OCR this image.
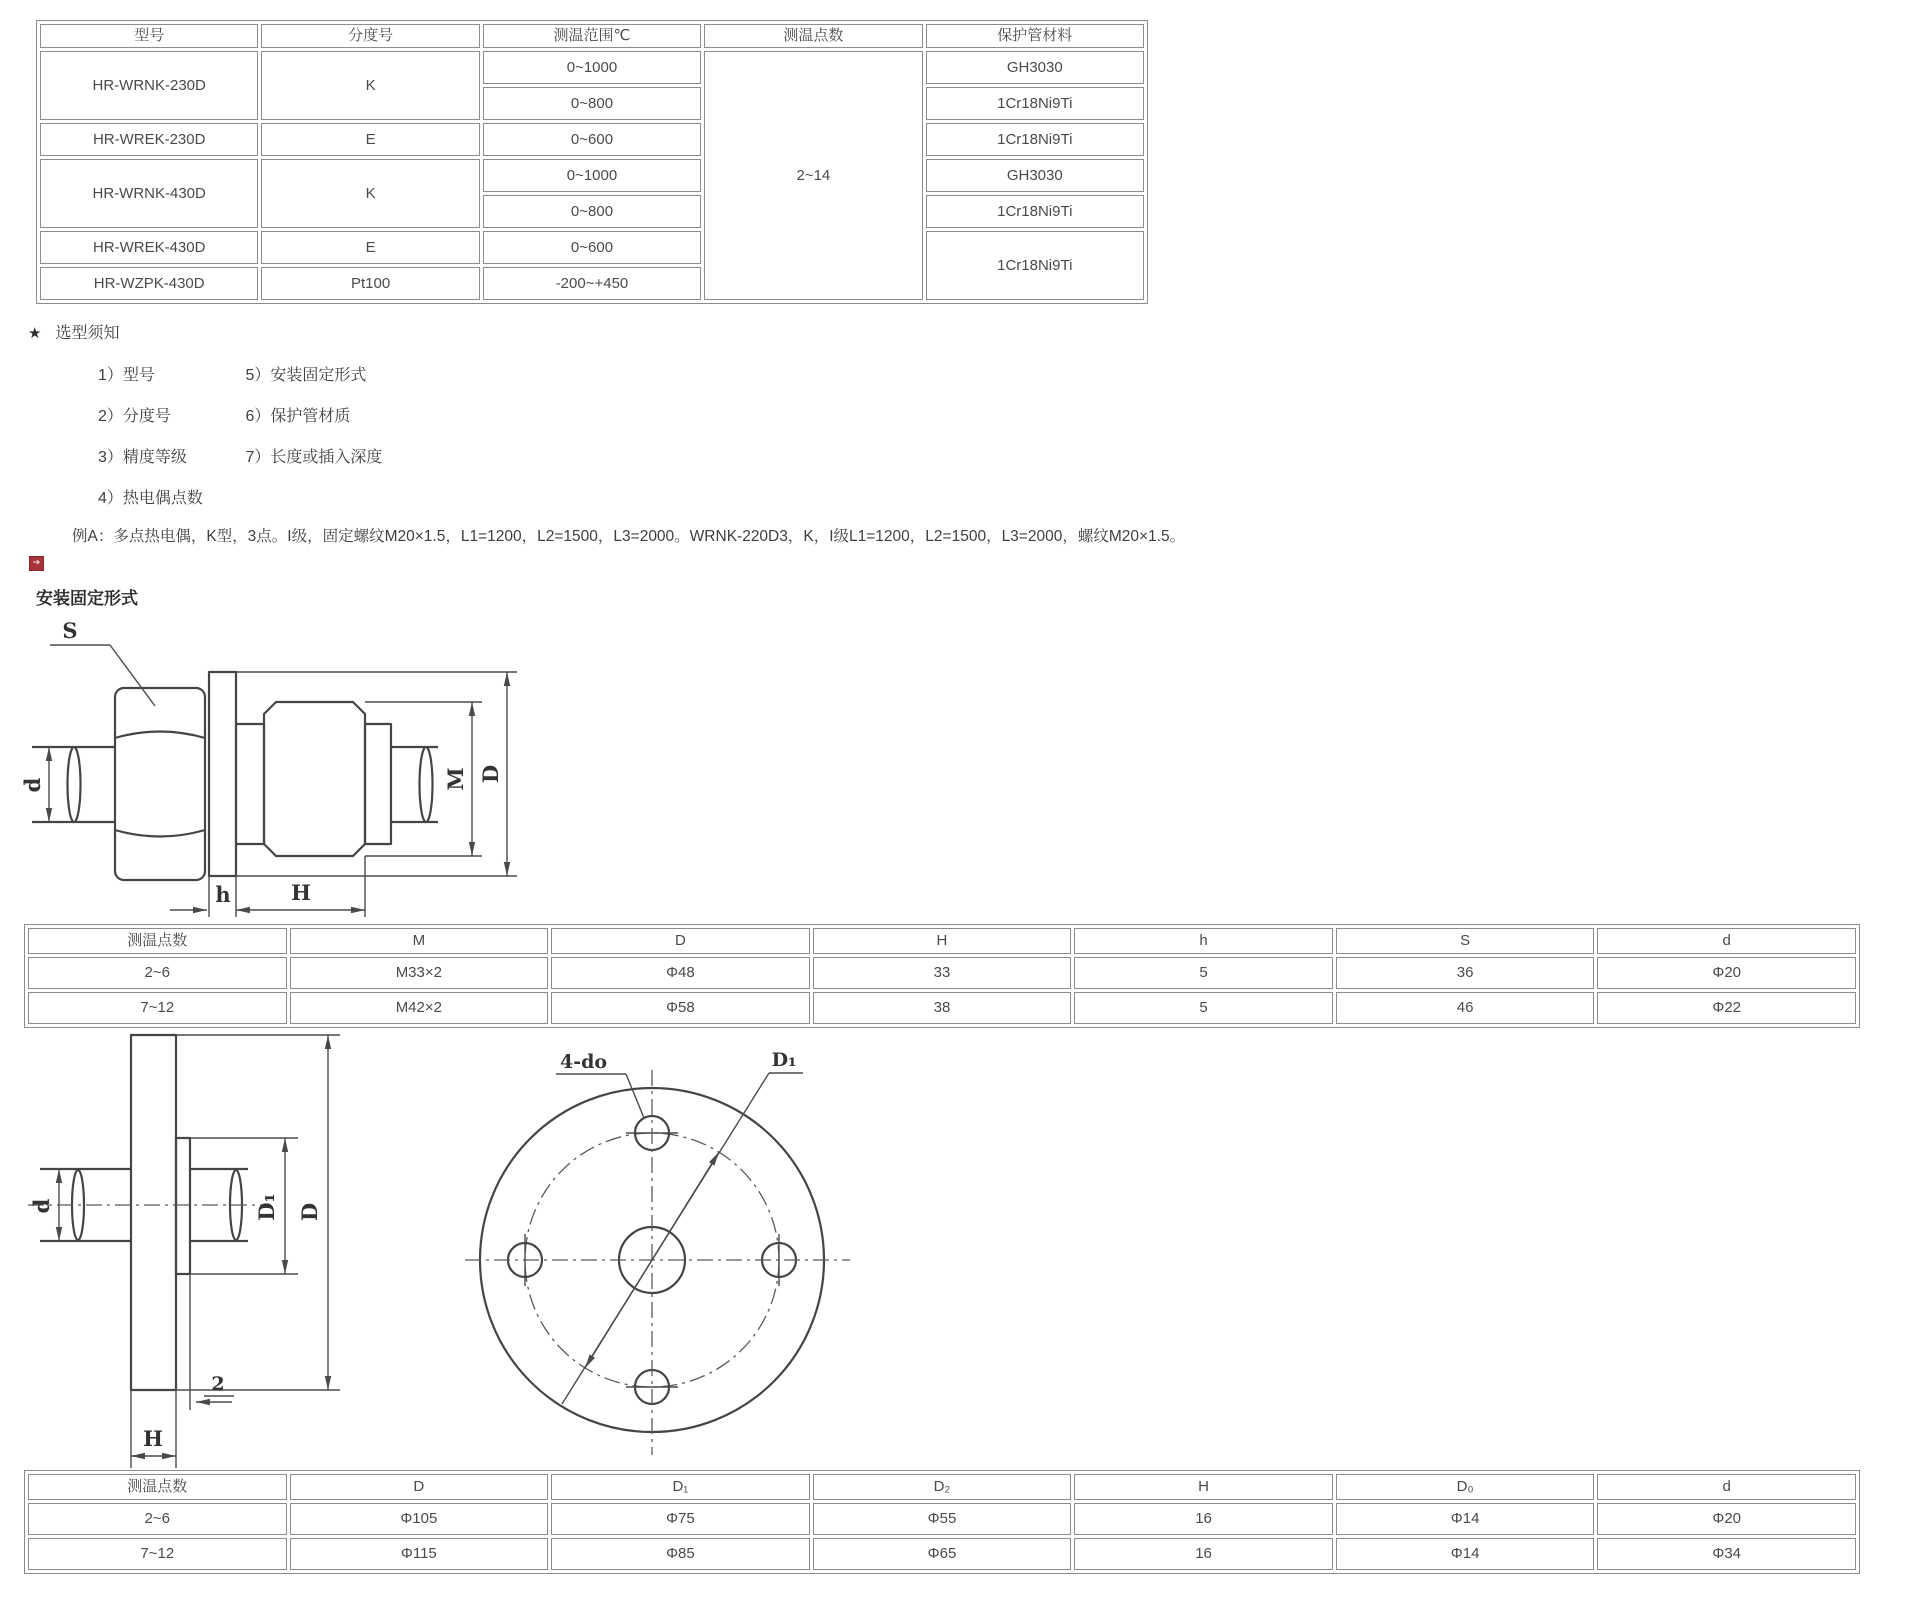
型号	分度号	测温范围℃	测温点数	保护管材料
HR-WRNK-230D	K	0~1000	2~14	GH3030
		0~800		1Cr18Ni9Ti
HR-WREK-230D	E	0~600		1Cr18Ni9Ti
HR-WRNK-430D	K	0~1000		GH3030
		0~800		1Cr18Ni9Ti
HR-WREK-430D	E	0~600		1Cr18Ni9Ti
HR-WZPK-430D	Pt100	-200~+450		
★ 选型须知
1）型号	5）安装固定形式
2）分度号	6）保护管材质
3）精度等级	7）长度或插入深度
4）热电偶点数
例A：多点热电偶，K型，3点。I级，固定螺纹M20×1.5，L1=1200，L2=1500，L3=2000。WRNK-220D3，K，I级L1=1200，L2=1500，L3=2000，螺纹M20×1.5。
➔
安装固定形式
S
d	M D
h	H
测温点数	M	D	H	h	S	d
2~6	M33×2	Φ48	33	5	36	Φ20
7~12	M42×2	Φ58	38	5	46	Φ22
d	D₁ D
2
H
D₁
4-do
测温点数	D	D₁	D₂	H	D₀	d
2~6	Φ105	Φ75	Φ55	16	Φ14	Φ20
7~12	Φ115	Φ85	Φ65	16	Φ14	Φ34
